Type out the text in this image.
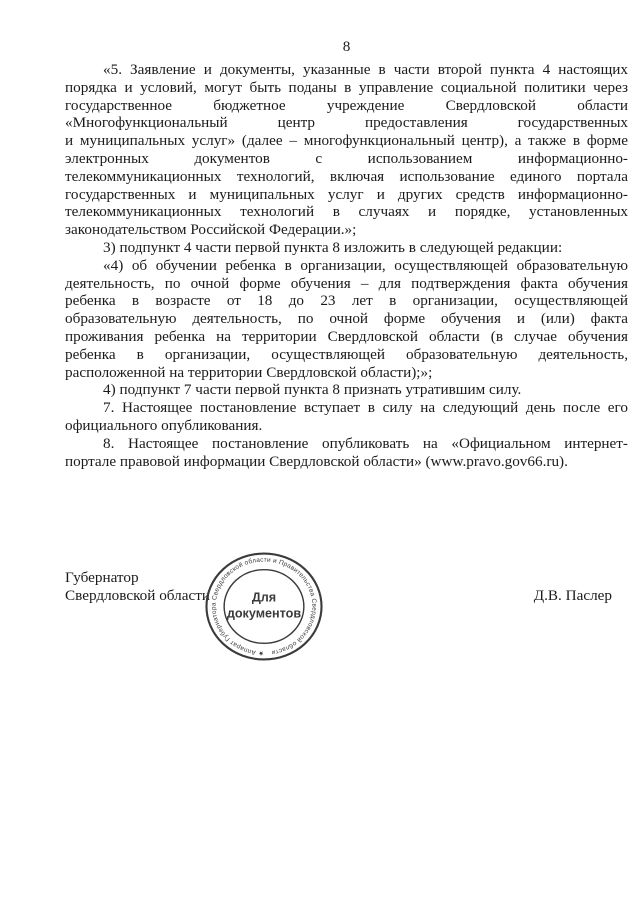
8
«5. Заявление и документы, указанные в части второй пункта 4 настоящих
порядка и условий, могут быть поданы в управление социальной политики через
государственное бюджетное учреждение Свердловской области
«Многофункциональный центр предоставления государственных
и муниципальных услуг» (далее – многофункциональный центр), а также в форме
электронных документов с использованием информационно-
телекоммуникационных технологий, включая использование единого портала
государственных и муниципальных услуг и других средств информационно-
телекоммуникационных технологий в случаях и порядке, установленных
законодательством Российской Федерации.»;
3) подпункт 4 части первой пункта 8 изложить в следующей редакции:
«4) об обучении ребенка в организации, осуществляющей образовательную
деятельность, по очной форме обучения – для подтверждения факта обучения
ребенка в возрасте от 18 до 23 лет в организации, осуществляющей
образовательную деятельность, по очной форме обучения и (или) факта
проживания ребенка на территории Свердловской области (в случае обучения
ребенка в организации, осуществляющей образовательную деятельность,
расположенной на территории Свердловской области);»;
4) подпункт 7 части первой пункта 8 признать утратившим силу.
7. Настоящее постановление вступает в силу на следующий день после его
официального опубликования.
8. Настоящее постановление опубликовать на «Официальном интернет-
портале правовой информации Свердловской области» (www.pravo.gov66.ru).
Губернатор
Свердловской области	Д.В. Паслер
★ Аппарат Губернатора Свердловской области и Правительства Свердловской области
Для
документов
